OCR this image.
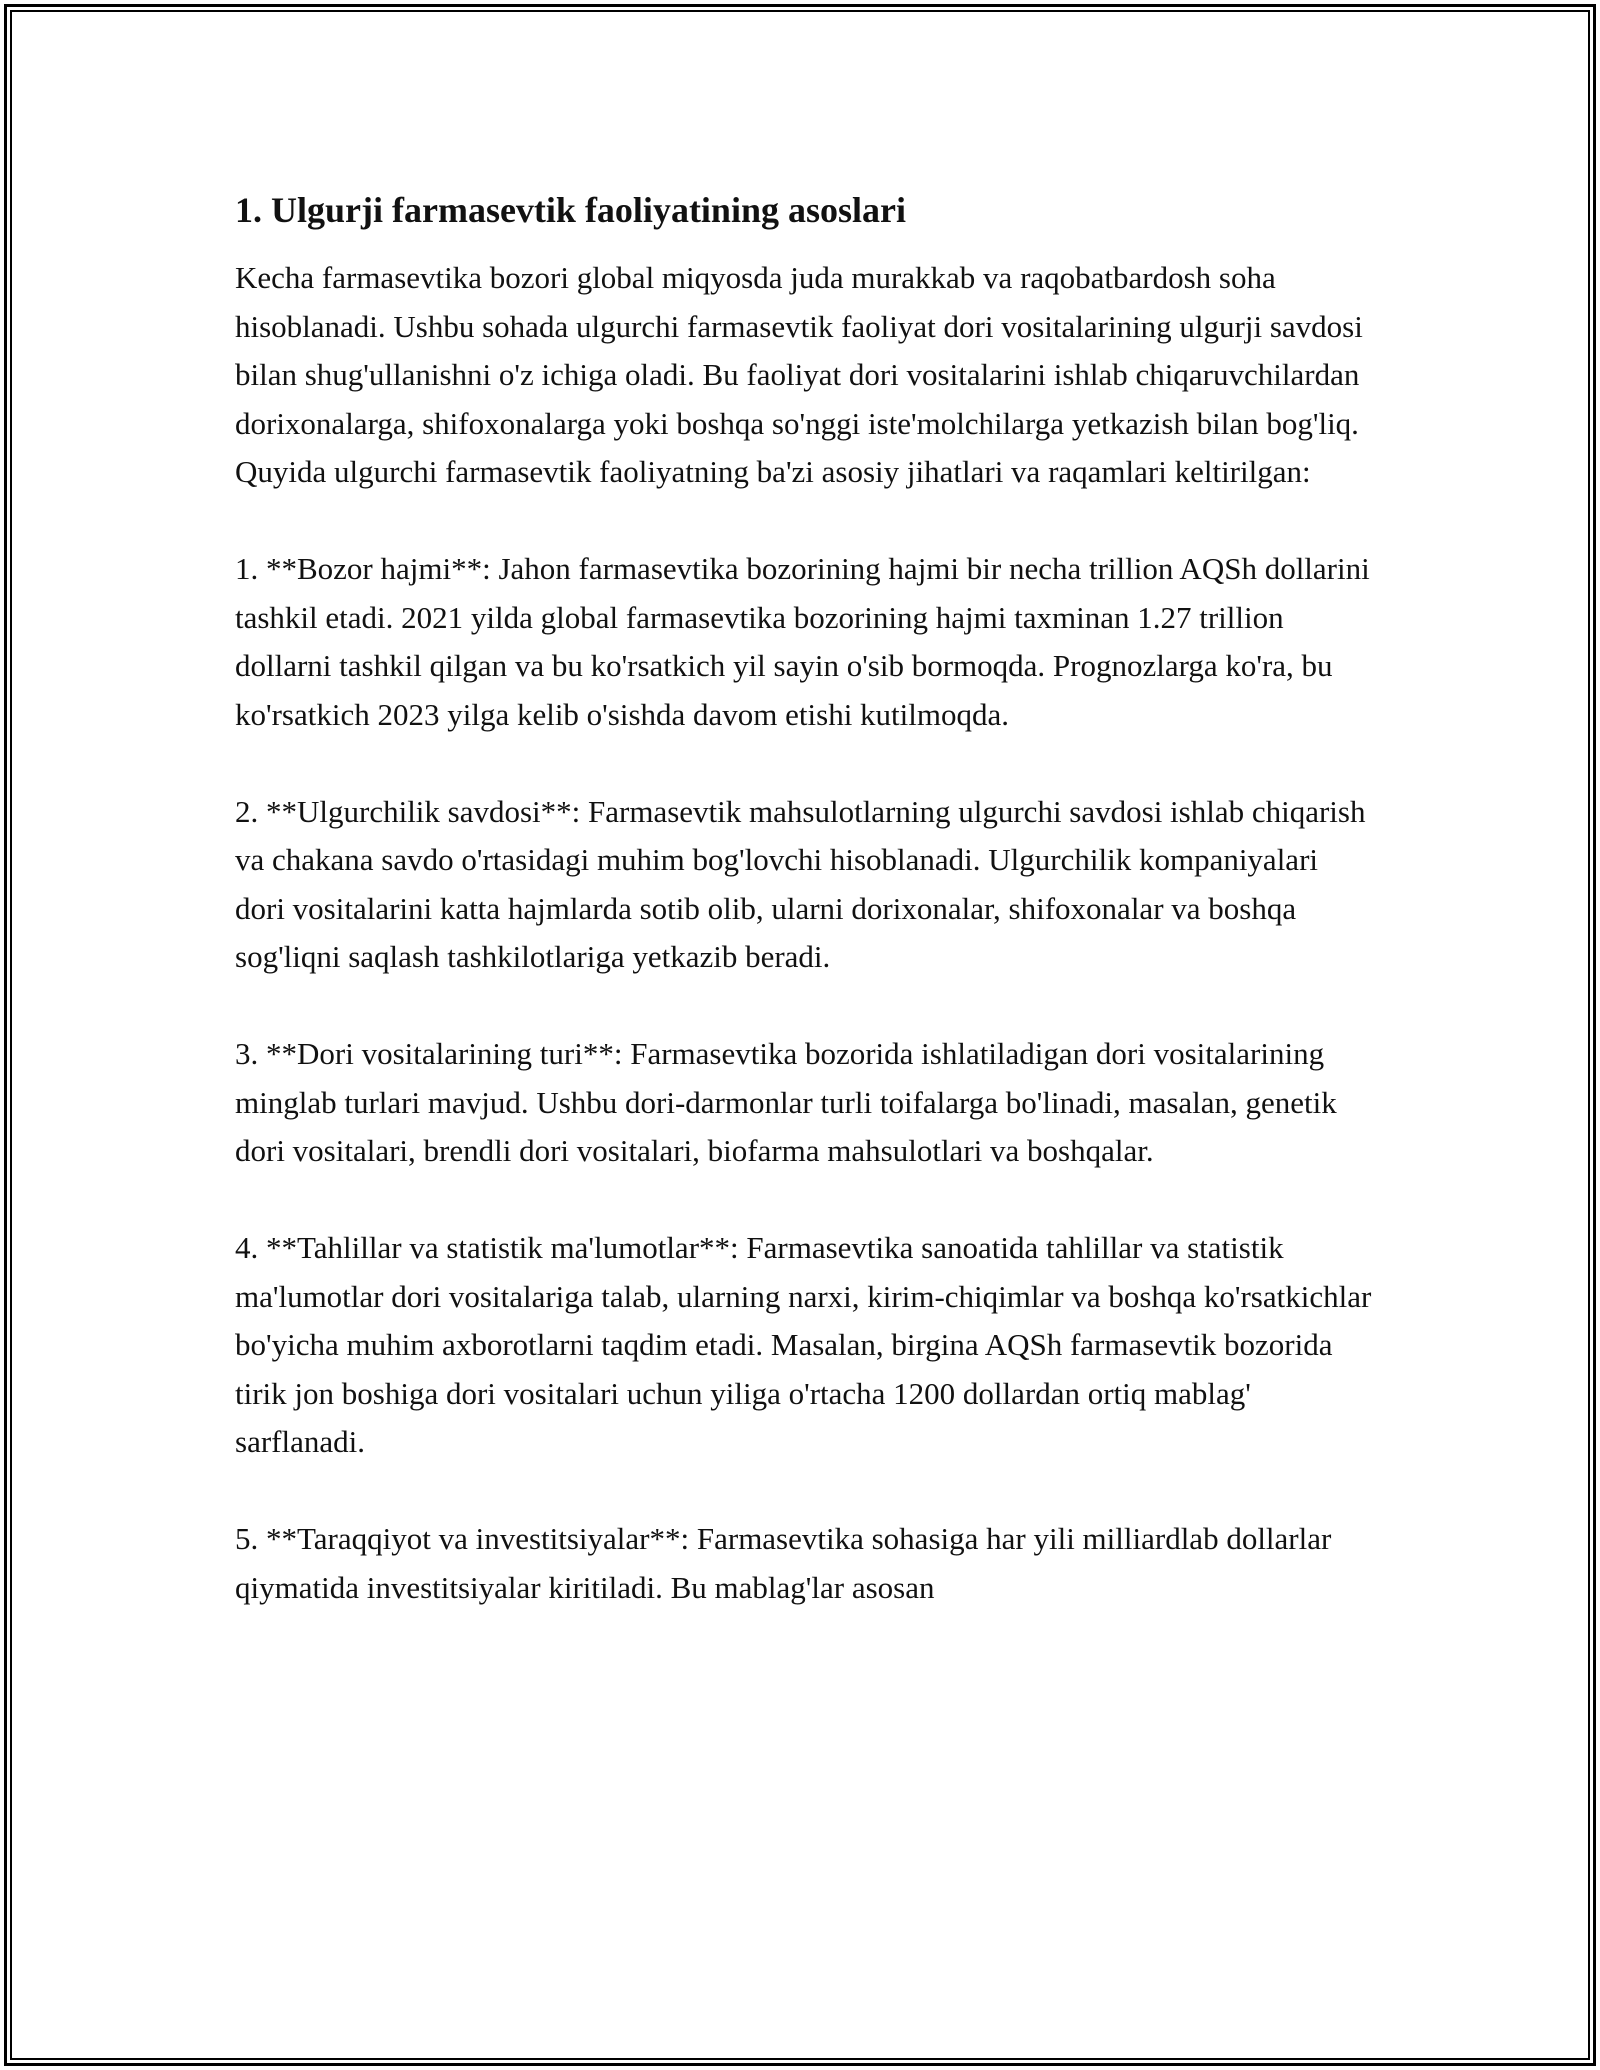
1. Ulgurji farmasevtik faoliyatining asoslari

Kecha farmasevtika bozori global miqyosda juda murakkab va raqobatbardosh soha hisoblanadi. Ushbu sohada ulgurchi farmasevtik faoliyat dori vositalarining ulgurji savdosi bilan shug'ullanishni o'z ichiga oladi. Bu faoliyat dori vositalarini ishlab chiqaruvchilardan dorixonalarga, shifoxonalarga yoki boshqa so'nggi iste'molchilarga yetkazish bilan bog'liq. Quyida ulgurchi farmasevtik faoliyatning ba'zi asosiy jihatlari va raqamlari keltirilgan:

1. **Bozor hajmi**: Jahon farmasevtika bozorining hajmi bir necha trillion AQSh dollarini tashkil etadi. 2021 yilda global farmasevtika bozorining hajmi taxminan 1.27 trillion dollarni tashkil qilgan va bu ko'rsatkich yil sayin o'sib bormoqda. Prognozlarga ko'ra, bu ko'rsatkich 2023 yilga kelib o'sishda davom etishi kutilmoqda.

2. **Ulgurchilik savdosi**: Farmasevtik mahsulotlarning ulgurchi savdosi ishlab chiqarish va chakana savdo o'rtasidagi muhim bog'lovchi hisoblanadi. Ulgurchilik kompaniyalari dori vositalarini katta hajmlarda sotib olib, ularni dorixonalar, shifoxonalar va boshqa sog'liqni saqlash tashkilotlariga yetkazib beradi.

3. **Dori vositalarining turi**: Farmasevtika bozorida ishlatiladigan dori vositalarining minglab turlari mavjud. Ushbu dori-darmonlar turli toifalarga bo'linadi, masalan, genetik dori vositalari, brendli dori vositalari, biofarma mahsulotlari va boshqalar.

4. **Tahlillar va statistik ma'lumotlar**: Farmasevtika sanoatida tahlillar va statistik ma'lumotlar dori vositalariga talab, ularning narxi, kirim-chiqimlar va boshqa ko'rsatkichlar bo'yicha muhim axborotlarni taqdim etadi. Masalan, birgina AQSh farmasevtik bozorida tirik jon boshiga dori vositalari uchun yiliga o'rtacha 1200 dollardan ortiq mablag' sarflanadi.

5. **Taraqqiyot va investitsiyalar**: Farmasevtika sohasiga har yili milliardlab dollarlar qiymatida investitsiyalar kiritiladi. Bu mablag'lar asosan
